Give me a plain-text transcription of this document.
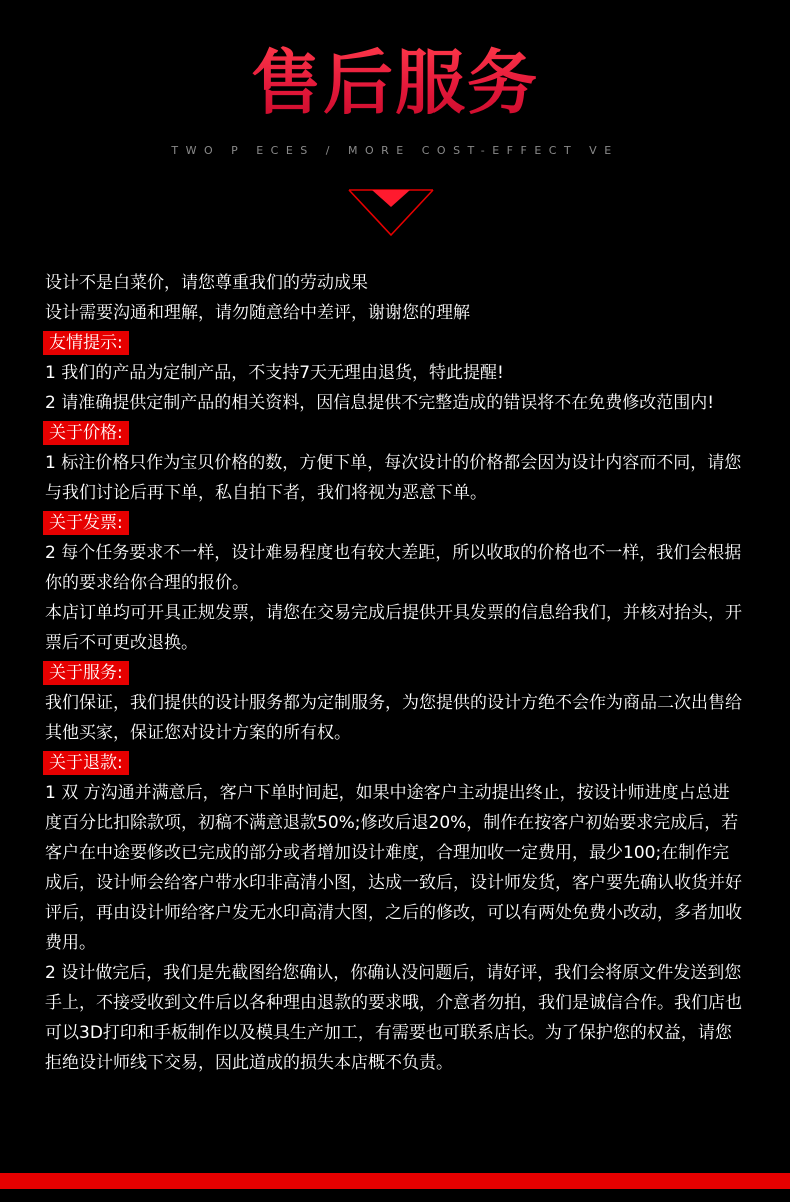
售后服务
TWO P ECES / MORE COST-EFFECT VE

设计不是白菜价，请您尊重我们的劳动成果

设计需要沟通和理解，请勿随意给中差评，谢谢您的理解

友情提示:

1 我们的产品为定制产品，不支持7天无理由退货，特此提醒!

2 请准确提供定制产品的相关资料，因信息提供不完整造成的错误将不在免费修改范围内!

关于价格:

1 标注价格只作为宝贝价格的数，方便下单，每次设计的价格都会因为设计内容而不同，请您与我们讨论后再下单，私自拍下者，我们将视为恶意下单。

关于发票:

2 每个任务要求不一样，设计难易程度也有较大差距，所以收取的价格也不一样，我们会根据你的要求给你合理的报价。

本店订单均可开具正规发票，请您在交易完成后提供开具发票的信息给我们，并核对抬头，开票后不可更改退换。

关于服务:

我们保证，我们提供的设计服务都为定制服务，为您提供的设计方绝不会作为商品二次出售给其他买家，保证您对设计方案的所有权。

关于退款:

1 双 方沟通并满意后，客户下单时间起，如果中途客户主动提出终止，按设计师进度占总进度百分比扣除款项，初稿不满意退款50%;修改后退20%，制作在按客户初始要求完成后，若客户在中途要修改已完成的部分或者增加设计难度，合理加收一定费用，最少100;在制作完成后，设计师会给客户带水印非高清小图，达成一致后，设计师发货，客户要先确认收货并好评后，再由设计师给客户发无水印高清大图，之后的修改，可以有两处免费小改动，多者加收费用。

2 设计做完后，我们是先截图给您确认，你确认没问题后，请好评，我们会将原文件发送到您手上，不接受收到文件后以各种理由退款的要求哦，介意者勿拍，我们是诚信合作。我们店也可以3D打印和手板制作以及模具生产加工，有需要也可联系店长。为了保护您的权益，请您拒绝设计师线下交易，因此道成的损失本店概不负责。
